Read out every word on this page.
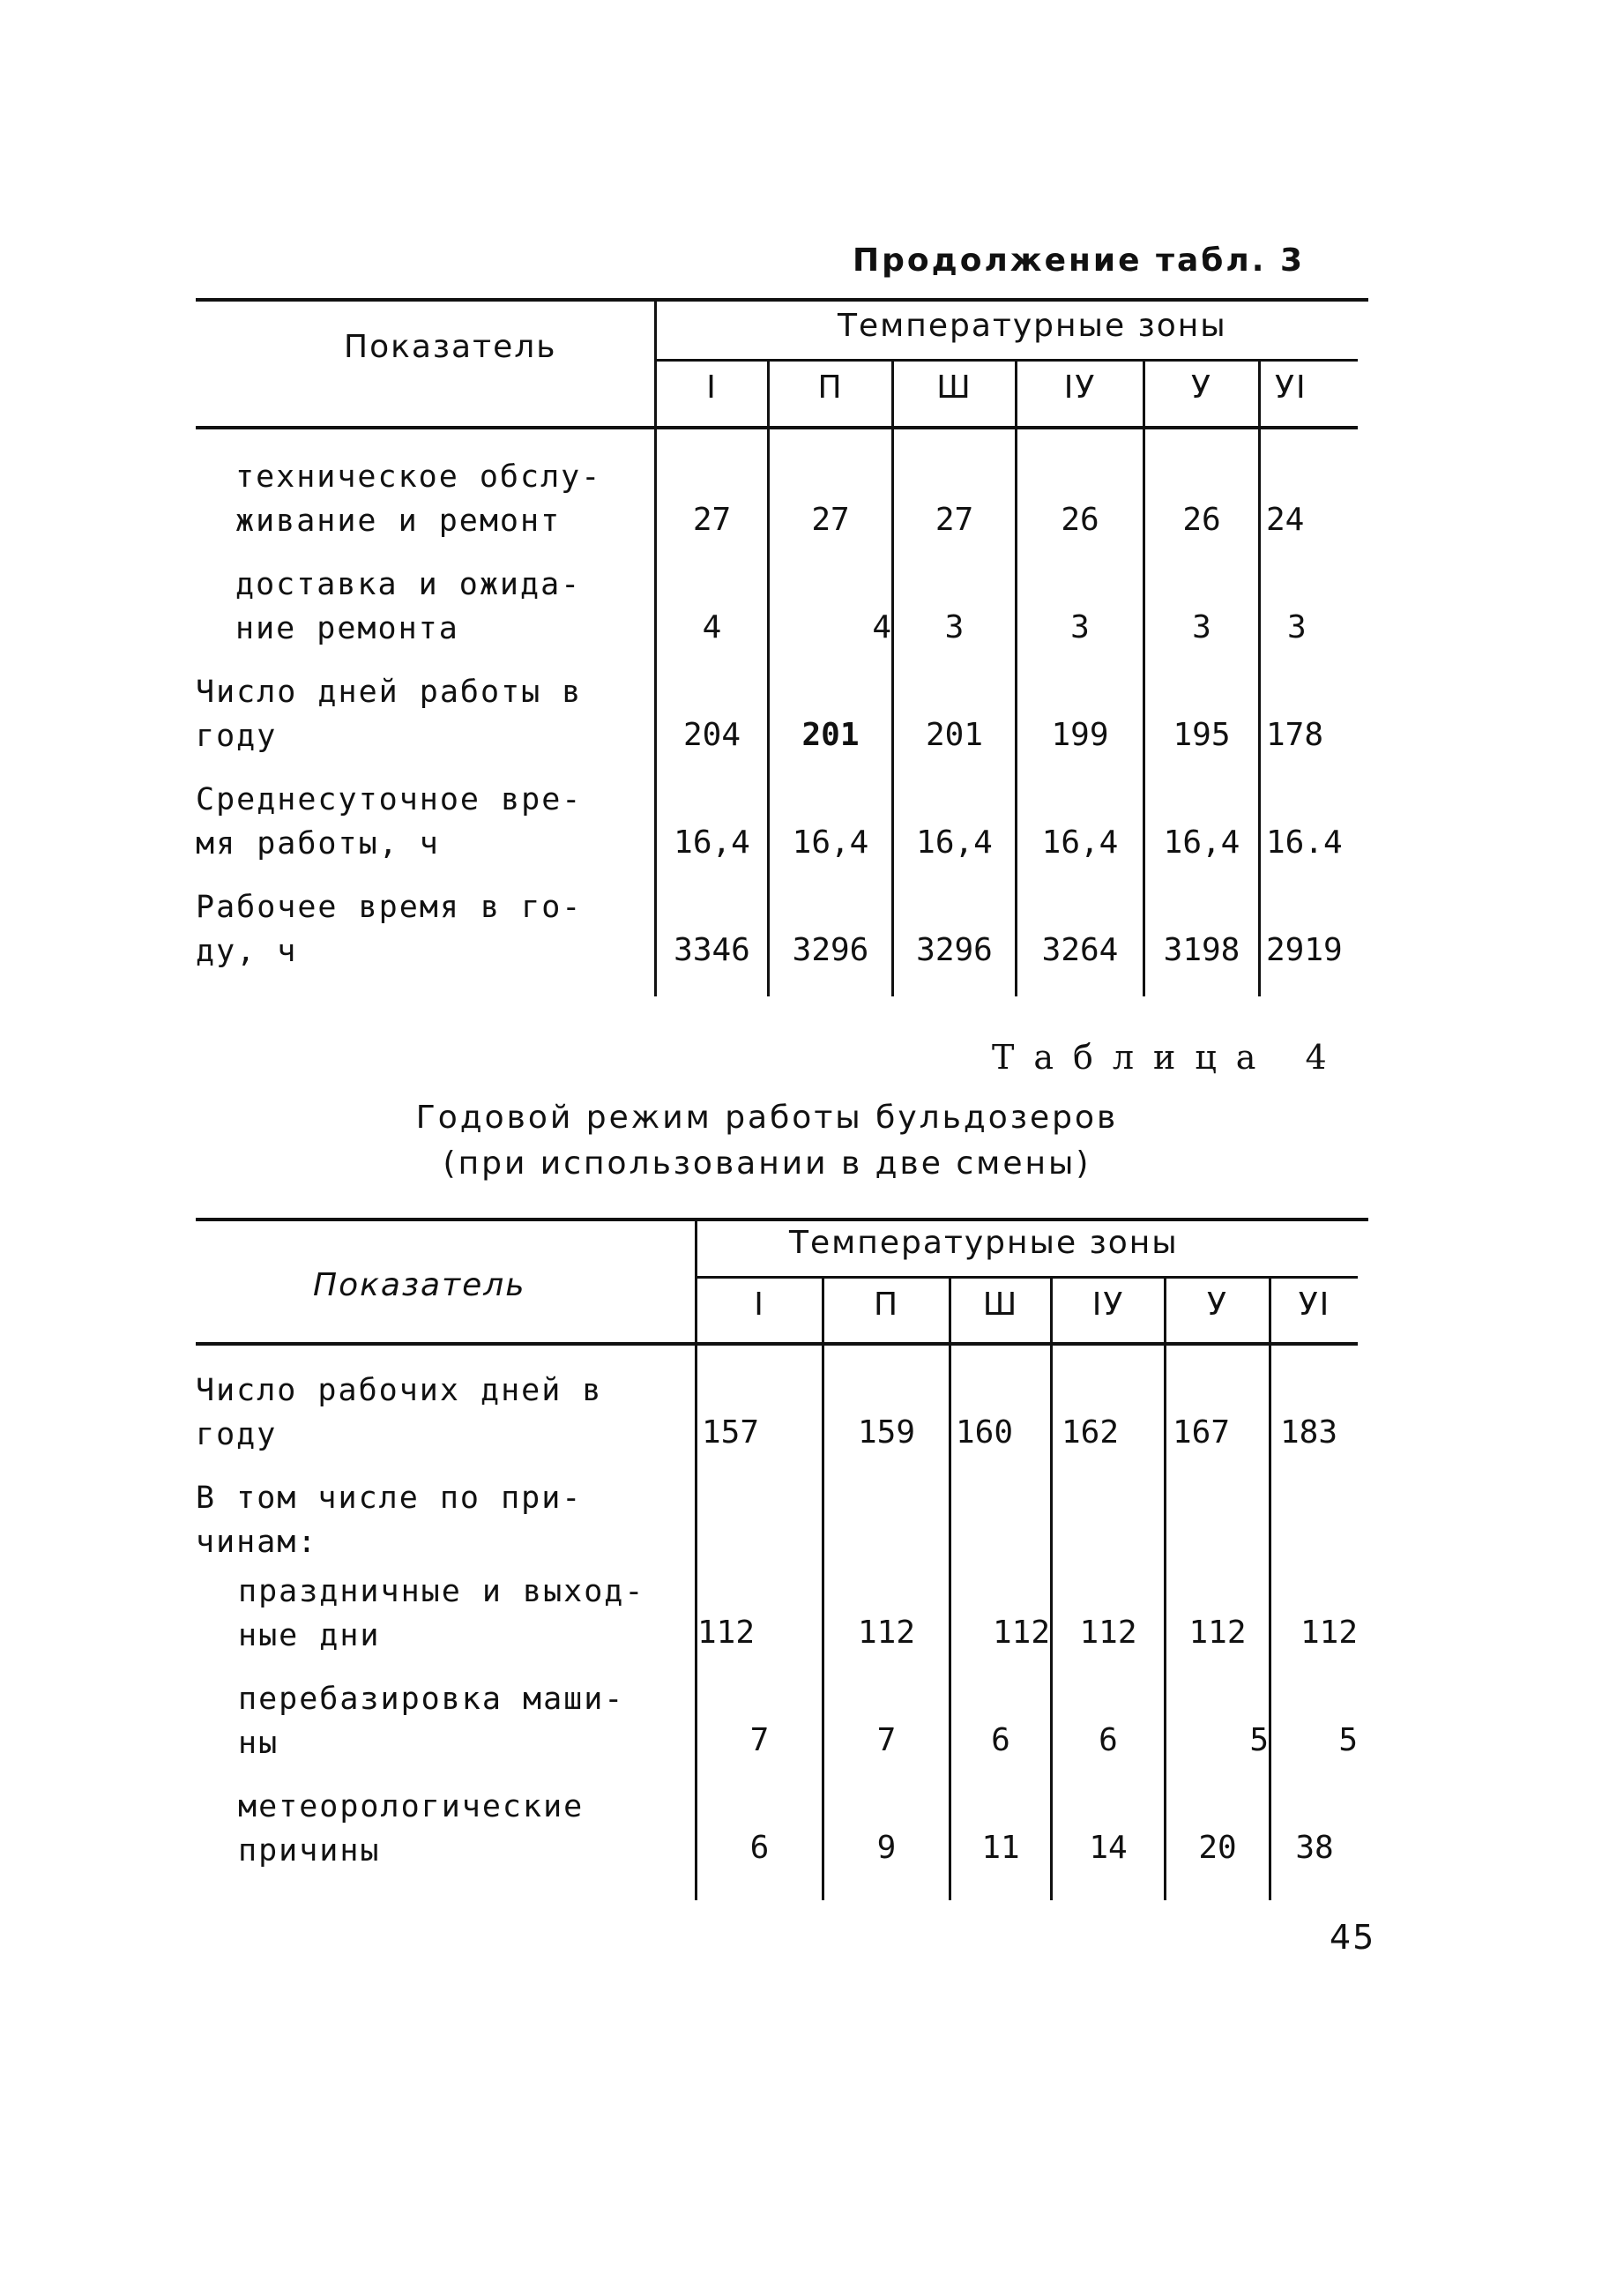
Продолжение табл. 3
Показатель
Температурные зоны
I	П	Ш	IУ	У	УI
техническое обслу-
живание и ремонт	27	27	27	26	26	24
доставка и ожида-
ние ремонта	4	4	3	3	3	3
Число дней работы в
году	204	201	201	199	195	178
Среднесуточное вре-
мя работы, ч	16,4	16,4	16,4	16,4	16,4 16.4
Рабочее время в го-
ду, ч	3346	3296	3296	3264	3198 2919
Таблица 4
Годовой режим работы бульдозеров
(при использовании в две смены)
Показатель
Температурные зоны
I	П	Ш	IУ	У	УI
Число рабочих дней в
году	157	159	160	162	167	183
В том числе по при-
чинам:
праздничные и выход-
ные дни	112	112	112 112	112	112
перебазировка маши-
ны	7	7	6	6	5	5
метеорологические
причины	6	9	11	14	20	38
45
